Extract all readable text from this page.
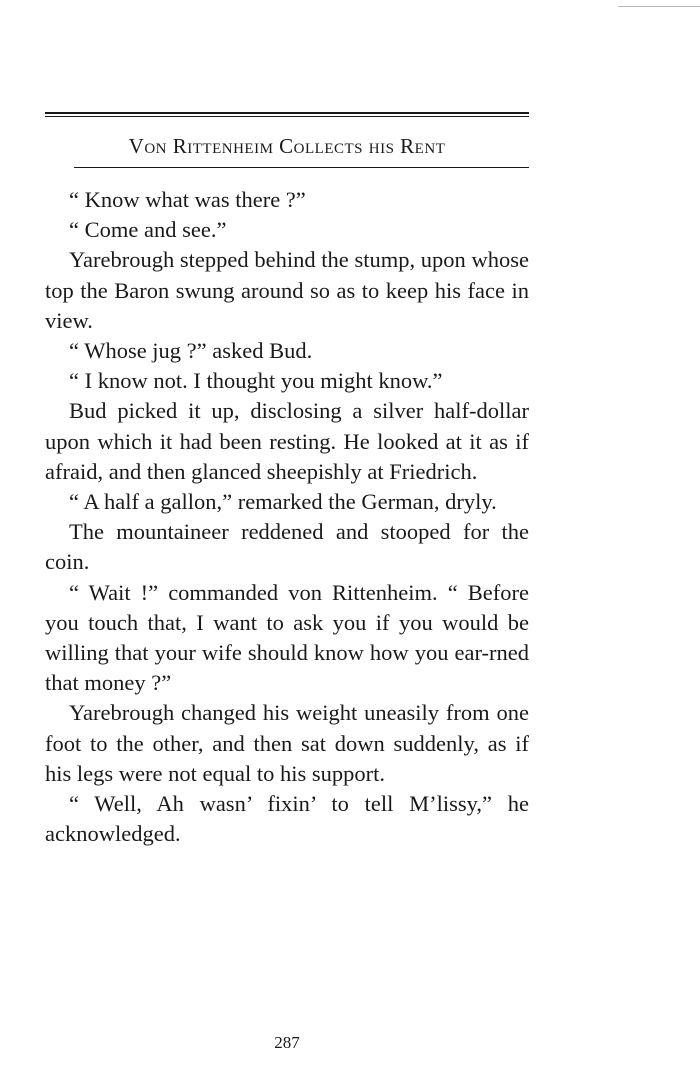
Von Rittenheim Collects his Rent

“ Know what was there ?”

“ Come and see.”

Yarebrough stepped behind the stump, upon whose top the Baron swung around so as to keep his face in view.

“ Whose jug ?” asked Bud.

“ I know not. I thought you might know.”

Bud picked it up, disclosing a silver half-dollar upon which it had been resting. He looked at it as if afraid, and then glanced sheepishly at Friedrich.

“ A half a gallon,” remarked the German, dryly.

The mountaineer reddened and stooped for the coin.

“ Wait !” commanded von Rittenheim. “ Before you touch that, I want to ask you if you would be willing that your wife should know how you ear-rned that money ?”

Yarebrough changed his weight uneasily from one foot to the other, and then sat down suddenly, as if his legs were not equal to his support.

“ Well, Ah wasn’ fixin’ to tell M’lissy,” he acknowledged.

287
